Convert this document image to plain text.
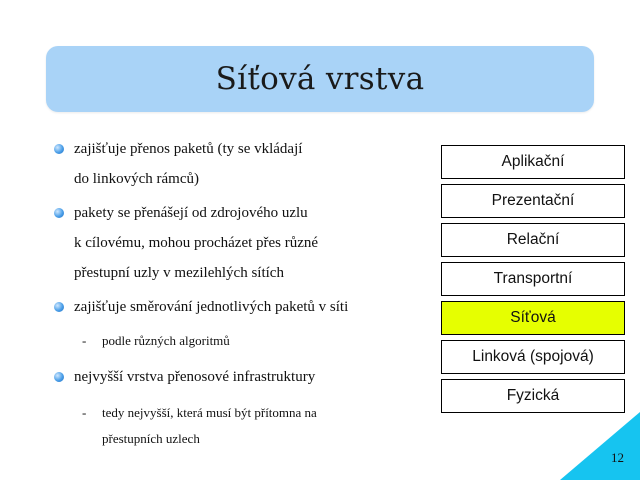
Síťová vrstva
zajišťuje přenos paketů (ty se vkládají
do linkových rámců)
pakety se přenášejí od zdrojového uzlu
k cílovému, mohou procházet přes různé
přestupní uzly v mezilehlých sítích
zajišťuje směrování jednotlivých paketů v síti
- podle různých algoritmů
nejvyšší vrstva přenosové infrastruktury
- tedy nejvyšší, která musí být přítomna na
přestupních uzlech
Aplikační
Prezentační
Relační
Transportní
Síťová
Linková (spojová)
Fyzická
12
